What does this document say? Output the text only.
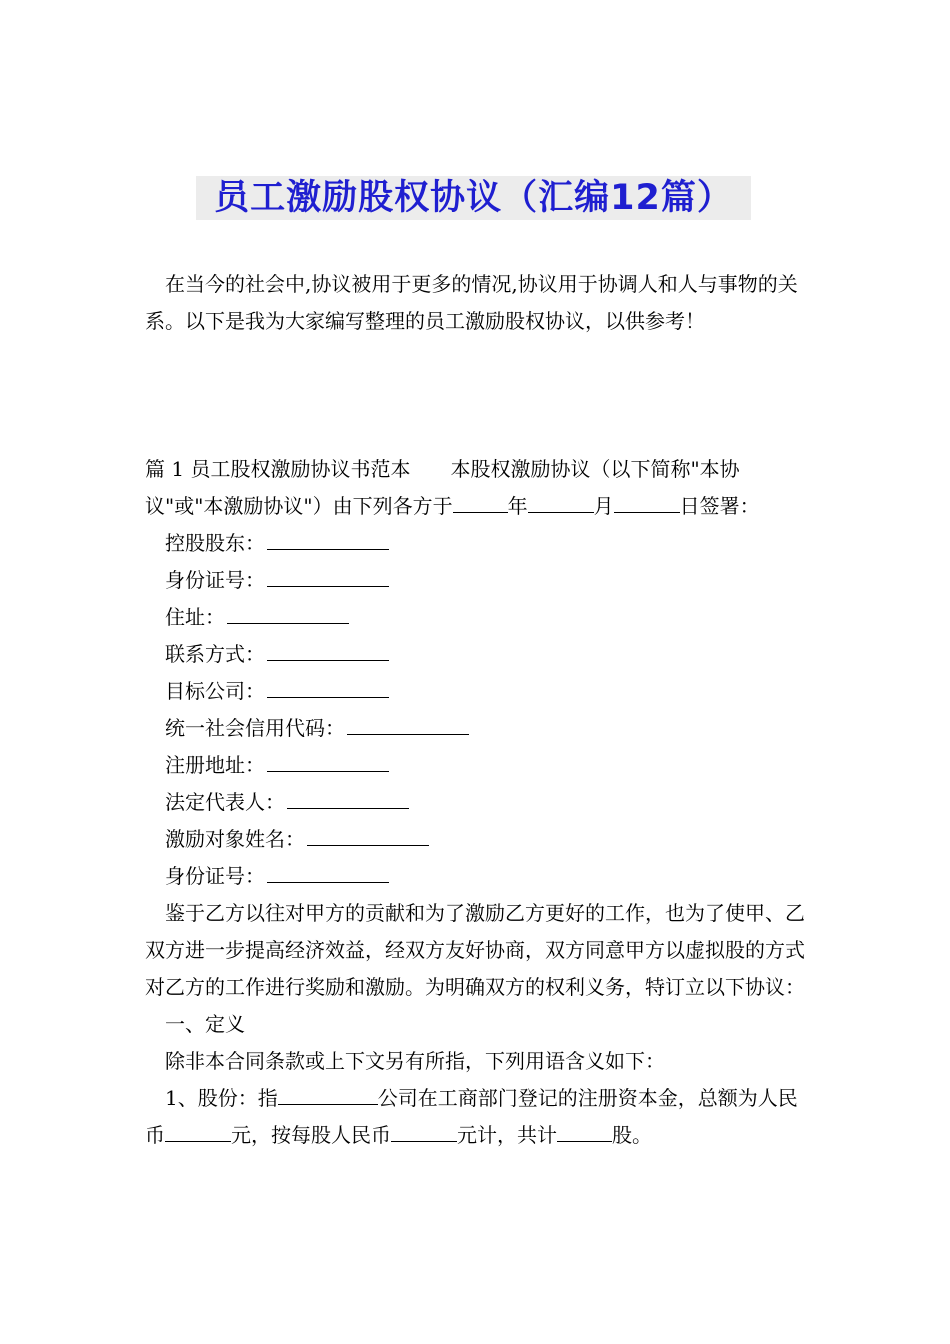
员工激励股权协议（汇编12篇）

在当今的社会中,协议被用于更多的情况,协议用于协调人和人与事物的关系。以下是我为大家编写整理的员工激励股权协议，以供参考！

篇 1 员工股权激励协议书范本　　本股权激励协议（以下简称"本协议"或"本激励协议"）由下列各方于	年	月	日签署：

控股股东：

身份证号：

住址：

联系方式：

目标公司：

统一社会信用代码：

注册地址：

法定代表人：

激励对象姓名：

身份证号：

鉴于乙方以往对甲方的贡献和为了激励乙方更好的工作，也为了使甲、乙双方进一步提高经济效益，经双方友好协商，双方同意甲方以虚拟股的方式对乙方的工作进行奖励和激励。为明确双方的权利义务，特订立以下协议：

一、定义

除非本合同条款或上下文另有所指，下列用语含义如下：

1、股份：指	公司在工商部门登记的注册资本金，总额为人民币	元，按每股人民币	元计，共计	股。
